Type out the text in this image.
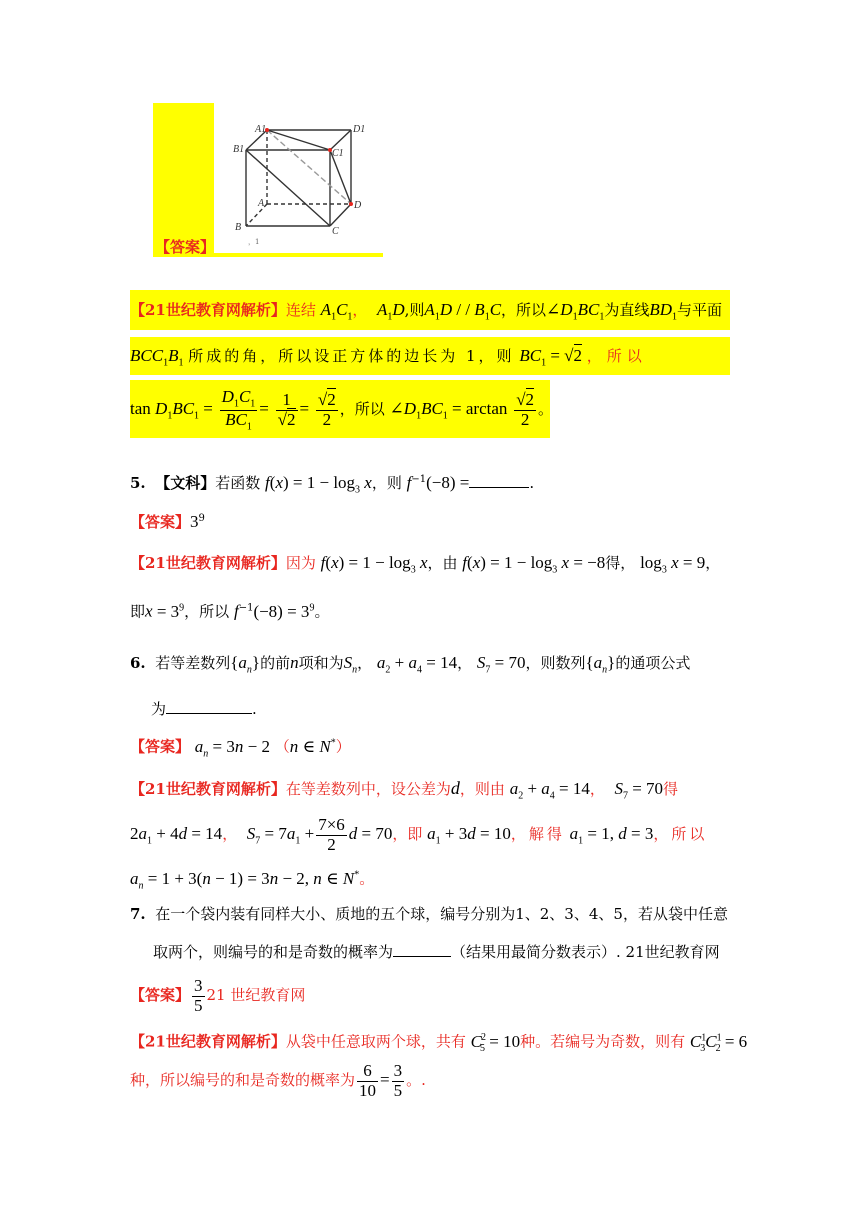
【答案】
A1	D1
B1	C1
A	D
B	C
，1
【21世纪教育网解析】连结 $A_1C_1$， $A_1D$,则$A_1D$ / / $B_1C$，所以$\angle D_1BC_1$为直线$BD_1$与平面
$BCC_1B_1$ 所成的角，所以设正方体的边长为 1，则 $BC_1 = √2$ ，所以
$\tan D_1BC_1 = \frac{D_1C_1}{BC_1} = \frac{1}{√2} = \frac{√2}{2}$ ，所以 $\angle D_1BC_1 = \arctan \frac{√2}{2}$ 。
5. 【文科】若函数 $f(x) = 1 - \log_3 x$，则 $f^{-1}(-8)$ =	.
【答案】$3^9$
【21世纪教育网解析】因为 $f(x) = 1 - \log_3 x$，由 $f(x) = 1 - \log_3 x = -8$得， $\log_3 x = 9$，
即$x = 3^9$，所以 $f^{-1}(-8) = 3^9$。
6. 若等差数列$\{a_n\}$的前n项和为$S_n$， $a_2 + a_4 = 14$， $S_7 = 70$，则数列$\{a_n\}$的通项公式
为	.
【答案】 $a_n = 3n - 2$ （n ∈ N*）
【21世纪教育网解析】在等差数列中，设公差为d，则由 $a_2 + a_4 = 14$， $S_7 = 70$得
$2a_1 + 4d = 14$， $S_7 = 7a_1 + \frac{7\times 6}{2}$ d = 70，即 $a_1 + 3d = 10$，解得 $a_1 = 1$, d = 3，所以
$a_n = 1 + 3(n - 1) = 3n - 2$, n ∈ N*。
7. 在一个袋内装有同样大小、质地的五个球，编号分别为1、2、3、4、5，若从袋中任意
取两个，则编号的和是奇数的概率为	（结果用最简分数表示）. 21世纪教育网
【答案】 $\frac{3}{5} 21$ 世纪教育网
【21世纪教育网解析】从袋中任意取两个球，共有 $C^2_5 = 10$种。若编号为奇数，则有 $C^1_3C^1_2 = 6$
种，所以编号的和是奇数的概率为 $\frac{6}{10} = \frac{3}{5}$ 。.
